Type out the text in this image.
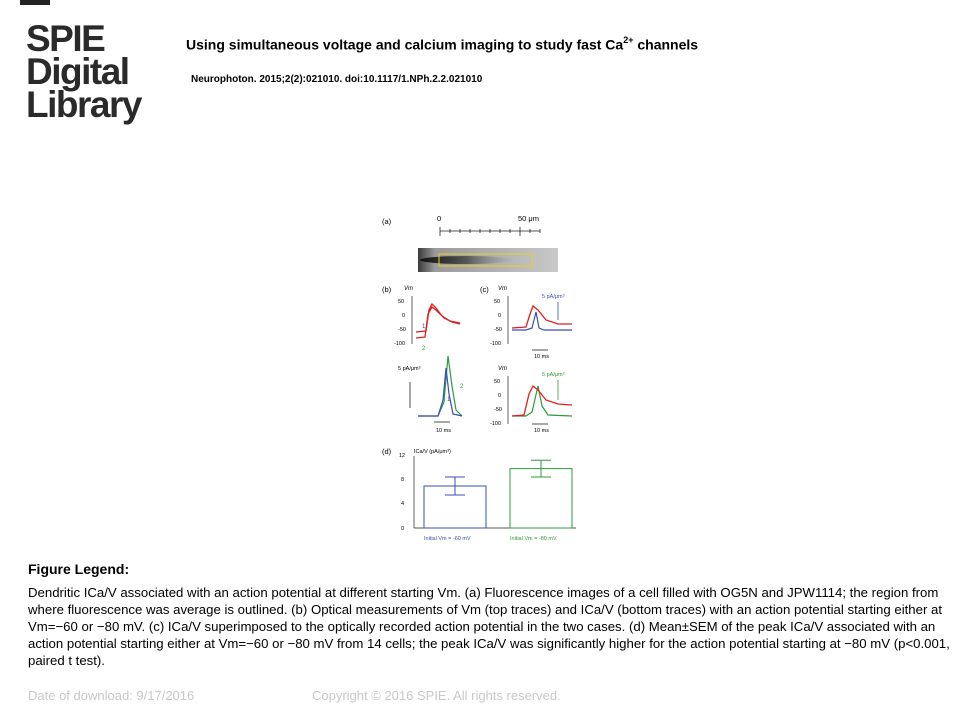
SPIE
Digital
Library
Using simultaneous voltage and calcium imaging to study fast $Ca^{2+}$ channels
Neurophoton. 2015;2(2):021010. doi:10.1117/1.NPh.2.2.021010
(a)	0	50 μm
(b) Vm
50
0
-50
-100
1
2
5 pA/μm³
2
1
10 ms
(c) Vm
50
0
-50
-100
5 pA/μm³
10 ms
Vm
50
0
-50
-100
5 pA/μm³
10 ms
(d)	ICa/V (pA/μm³)
12
8
4
0
Initial Vm = -60 mV	Initial Vm = -80 mV
Figure Legend:

Dendritic ICa/V associated with an action potential at different starting Vm. (a) Fluorescence images of a cell filled with OG5N and JPW1114; the region from where fluorescence was average is outlined. (b) Optical measurements of Vm (top traces) and ICa/V (bottom traces) with an action potential starting either at Vm=−60 or −80 mV. (c) ICa/V superimposed to the optically recorded action potential in the two cases. (d) Mean±SEM of the peak ICa/V associated with an action potential starting either at Vm=−60 or −80 mV from 14 cells; the peak ICa/V was significantly higher for the action potential starting at −80 mV (p<0.001, paired t test).

Date of download: 9/17/2016	Copyright © 2016 SPIE. All rights reserved.
